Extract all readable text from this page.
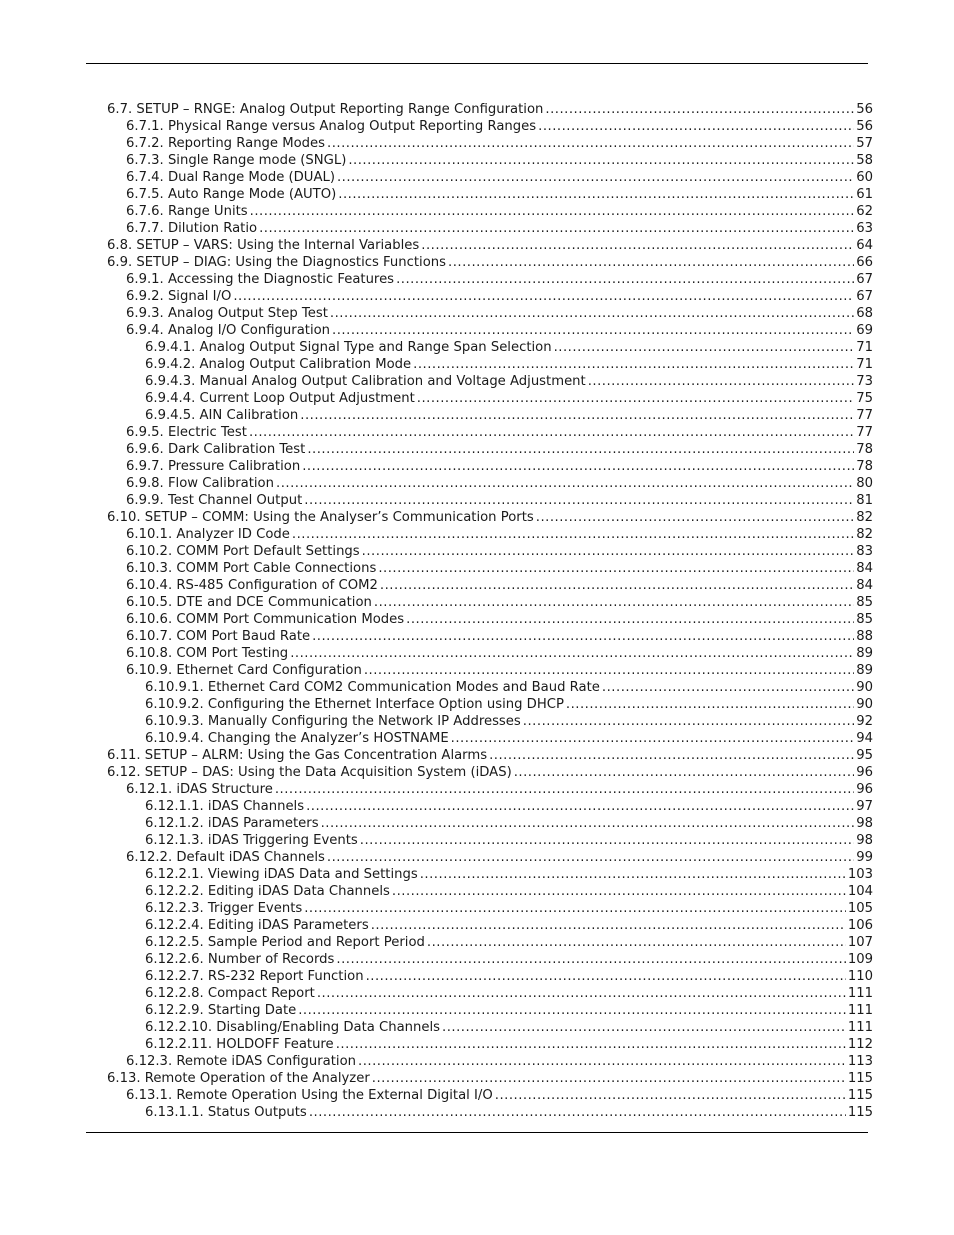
6.7. SETUP – RNGE: Analog Output Reporting Range Configuration .....	56
6.7.1. Physical Range versus Analog Output Reporting Ranges .....	56
6.7.2. Reporting Range Modes .....	57
6.7.3. Single Range mode (SNGL) .....	58
6.7.4. Dual Range Mode (DUAL) .....	60
6.7.5. Auto Range Mode (AUTO) .....	61
6.7.6. Range Units .....	62
6.7.7. Dilution Ratio .....	63
6.8. SETUP – VARS: Using the Internal Variables .....	64
6.9. SETUP – DIAG: Using the Diagnostics Functions .....	66
6.9.1. Accessing the Diagnostic Features .....	67
6.9.2. Signal I/O .....	67
6.9.3. Analog Output Step Test .....	68
6.9.4. Analog I/O Configuration .....	69
6.9.4.1. Analog Output Signal Type and Range Span Selection .....	71
6.9.4.2. Analog Output Calibration Mode .....	71
6.9.4.3. Manual Analog Output Calibration and Voltage Adjustment .....	73
6.9.4.4. Current Loop Output Adjustment .....	75
6.9.4.5. AIN Calibration .....	77
6.9.5. Electric Test .....	77
6.9.6. Dark Calibration Test .....	78
6.9.7. Pressure Calibration .....	78
6.9.8. Flow Calibration .....	80
6.9.9. Test Channel Output .....	81
6.10. SETUP – COMM: Using the Analyser’s Communication Ports .....	82
6.10.1. Analyzer ID Code .....	82
6.10.2. COMM Port Default Settings .....	83
6.10.3. COMM Port Cable Connections .....	84
6.10.4. RS-485 Configuration of COM2 .....	84
6.10.5. DTE and DCE Communication .....	85
6.10.6. COMM Port Communication Modes .....	85
6.10.7. COM Port Baud Rate .....	88
6.10.8. COM Port Testing .....	89
6.10.9. Ethernet Card Configuration .....	89
6.10.9.1. Ethernet Card COM2 Communication Modes and Baud Rate .....	90
6.10.9.2. Configuring the Ethernet Interface Option using DHCP .....	90
6.10.9.3. Manually Configuring the Network IP Addresses .....	92
6.10.9.4. Changing the Analyzer’s HOSTNAME .....	94
6.11. SETUP – ALRM: Using the Gas Concentration Alarms .....	95
6.12. SETUP – DAS: Using the Data Acquisition System (iDAS) .....	96
6.12.1. iDAS Structure .....	96
6.12.1.1. iDAS Channels .....	97
6.12.1.2. iDAS Parameters .....	98
6.12.1.3. iDAS Triggering Events .....	98
6.12.2. Default iDAS Channels .....	99
6.12.2.1. Viewing iDAS Data and Settings .....	103
6.12.2.2. Editing iDAS Data Channels .....	104
6.12.2.3. Trigger Events .....	105
6.12.2.4. Editing iDAS Parameters .....	106
6.12.2.5. Sample Period and Report Period .....	107
6.12.2.6. Number of Records .....	109
6.12.2.7. RS-232 Report Function .....	110
6.12.2.8. Compact Report .....	111
6.12.2.9. Starting Date .....	111
6.12.2.10. Disabling/Enabling Data Channels .....	111
6.12.2.11. HOLDOFF Feature .....	112
6.12.3. Remote iDAS Configuration .....	113
6.13. Remote Operation of the Analyzer .....	115
6.13.1. Remote Operation Using the External Digital I/O .....	115
6.13.1.1. Status Outputs .....	115
